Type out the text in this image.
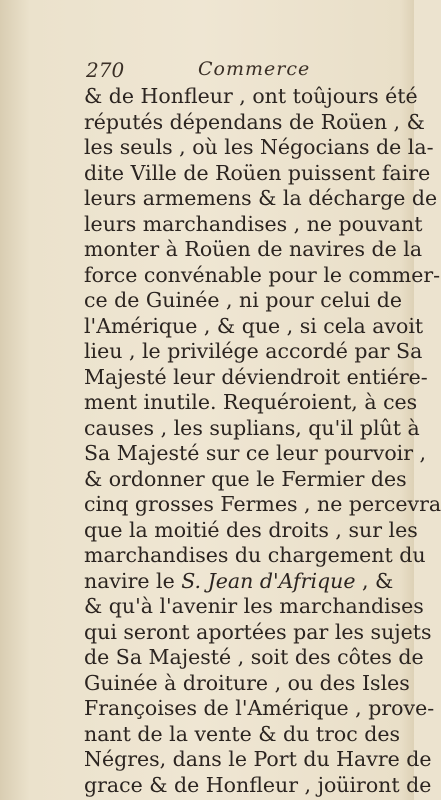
270	Commerce
& de Honfleur , ont toûjours été
réputés dépendans de Roüen , &
les seuls , où les Négocians de la-
dite Ville de Roüen puissent faire
leurs armemens & la décharge de
leurs marchandises , ne pouvant
monter à Roüen de navires de la
force convénable pour le commer-
ce de Guinée , ni pour celui de
l'Amérique , & que , si cela avoit
lieu , le privilége accordé par Sa
Majesté leur déviendroit entiére-
ment inutile. Requéroient, à ces
causes , les suplians, qu'il plût à
Sa Majesté sur ce leur pourvoir ,
& ordonner que le Fermier des
cinq grosses Fermes , ne percevra
que la moitié des droits , sur les
marchandises du chargement du
navire le S. Jean d'Afrique , &
& qu'à l'avenir les marchandises
qui seront aportées par les sujets
de Sa Majesté , soit des côtes de
Guinée à droiture , ou des Isles
Françoises de l'Amérique , prove-
nant de la vente & du troc des
Négres, dans le Port du Havre de
grace & de Honfleur , joüiront de
